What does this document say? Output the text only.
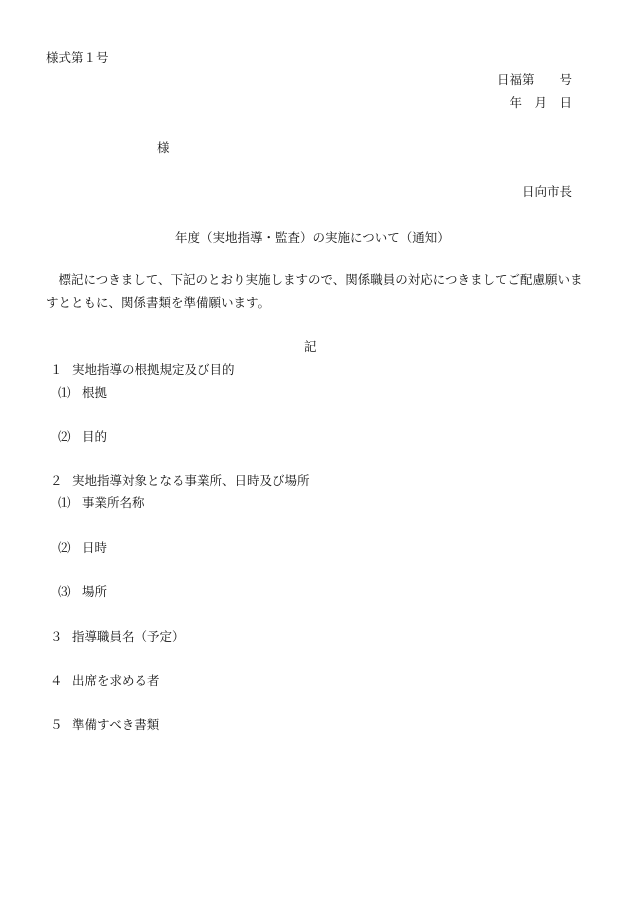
様式第１号
日福第　　号
年　月　日
様
日向市長
年度（実地指導・監査）の実施について（通知）

　標記につきまして、下記のとおり実施しますので、関係職員の対応につきましてご配慮願いま

すとともに、関係書類を準備願います。

記
１ 実地指導の根拠規定及び目的
⑴ 根拠
⑵ 目的
２ 実地指導対象となる事業所、日時及び場所
⑴ 事業所名称
⑵ 日時
⑶ 場所
３ 指導職員名（予定）
４ 出席を求める者
５ 準備すべき書類
